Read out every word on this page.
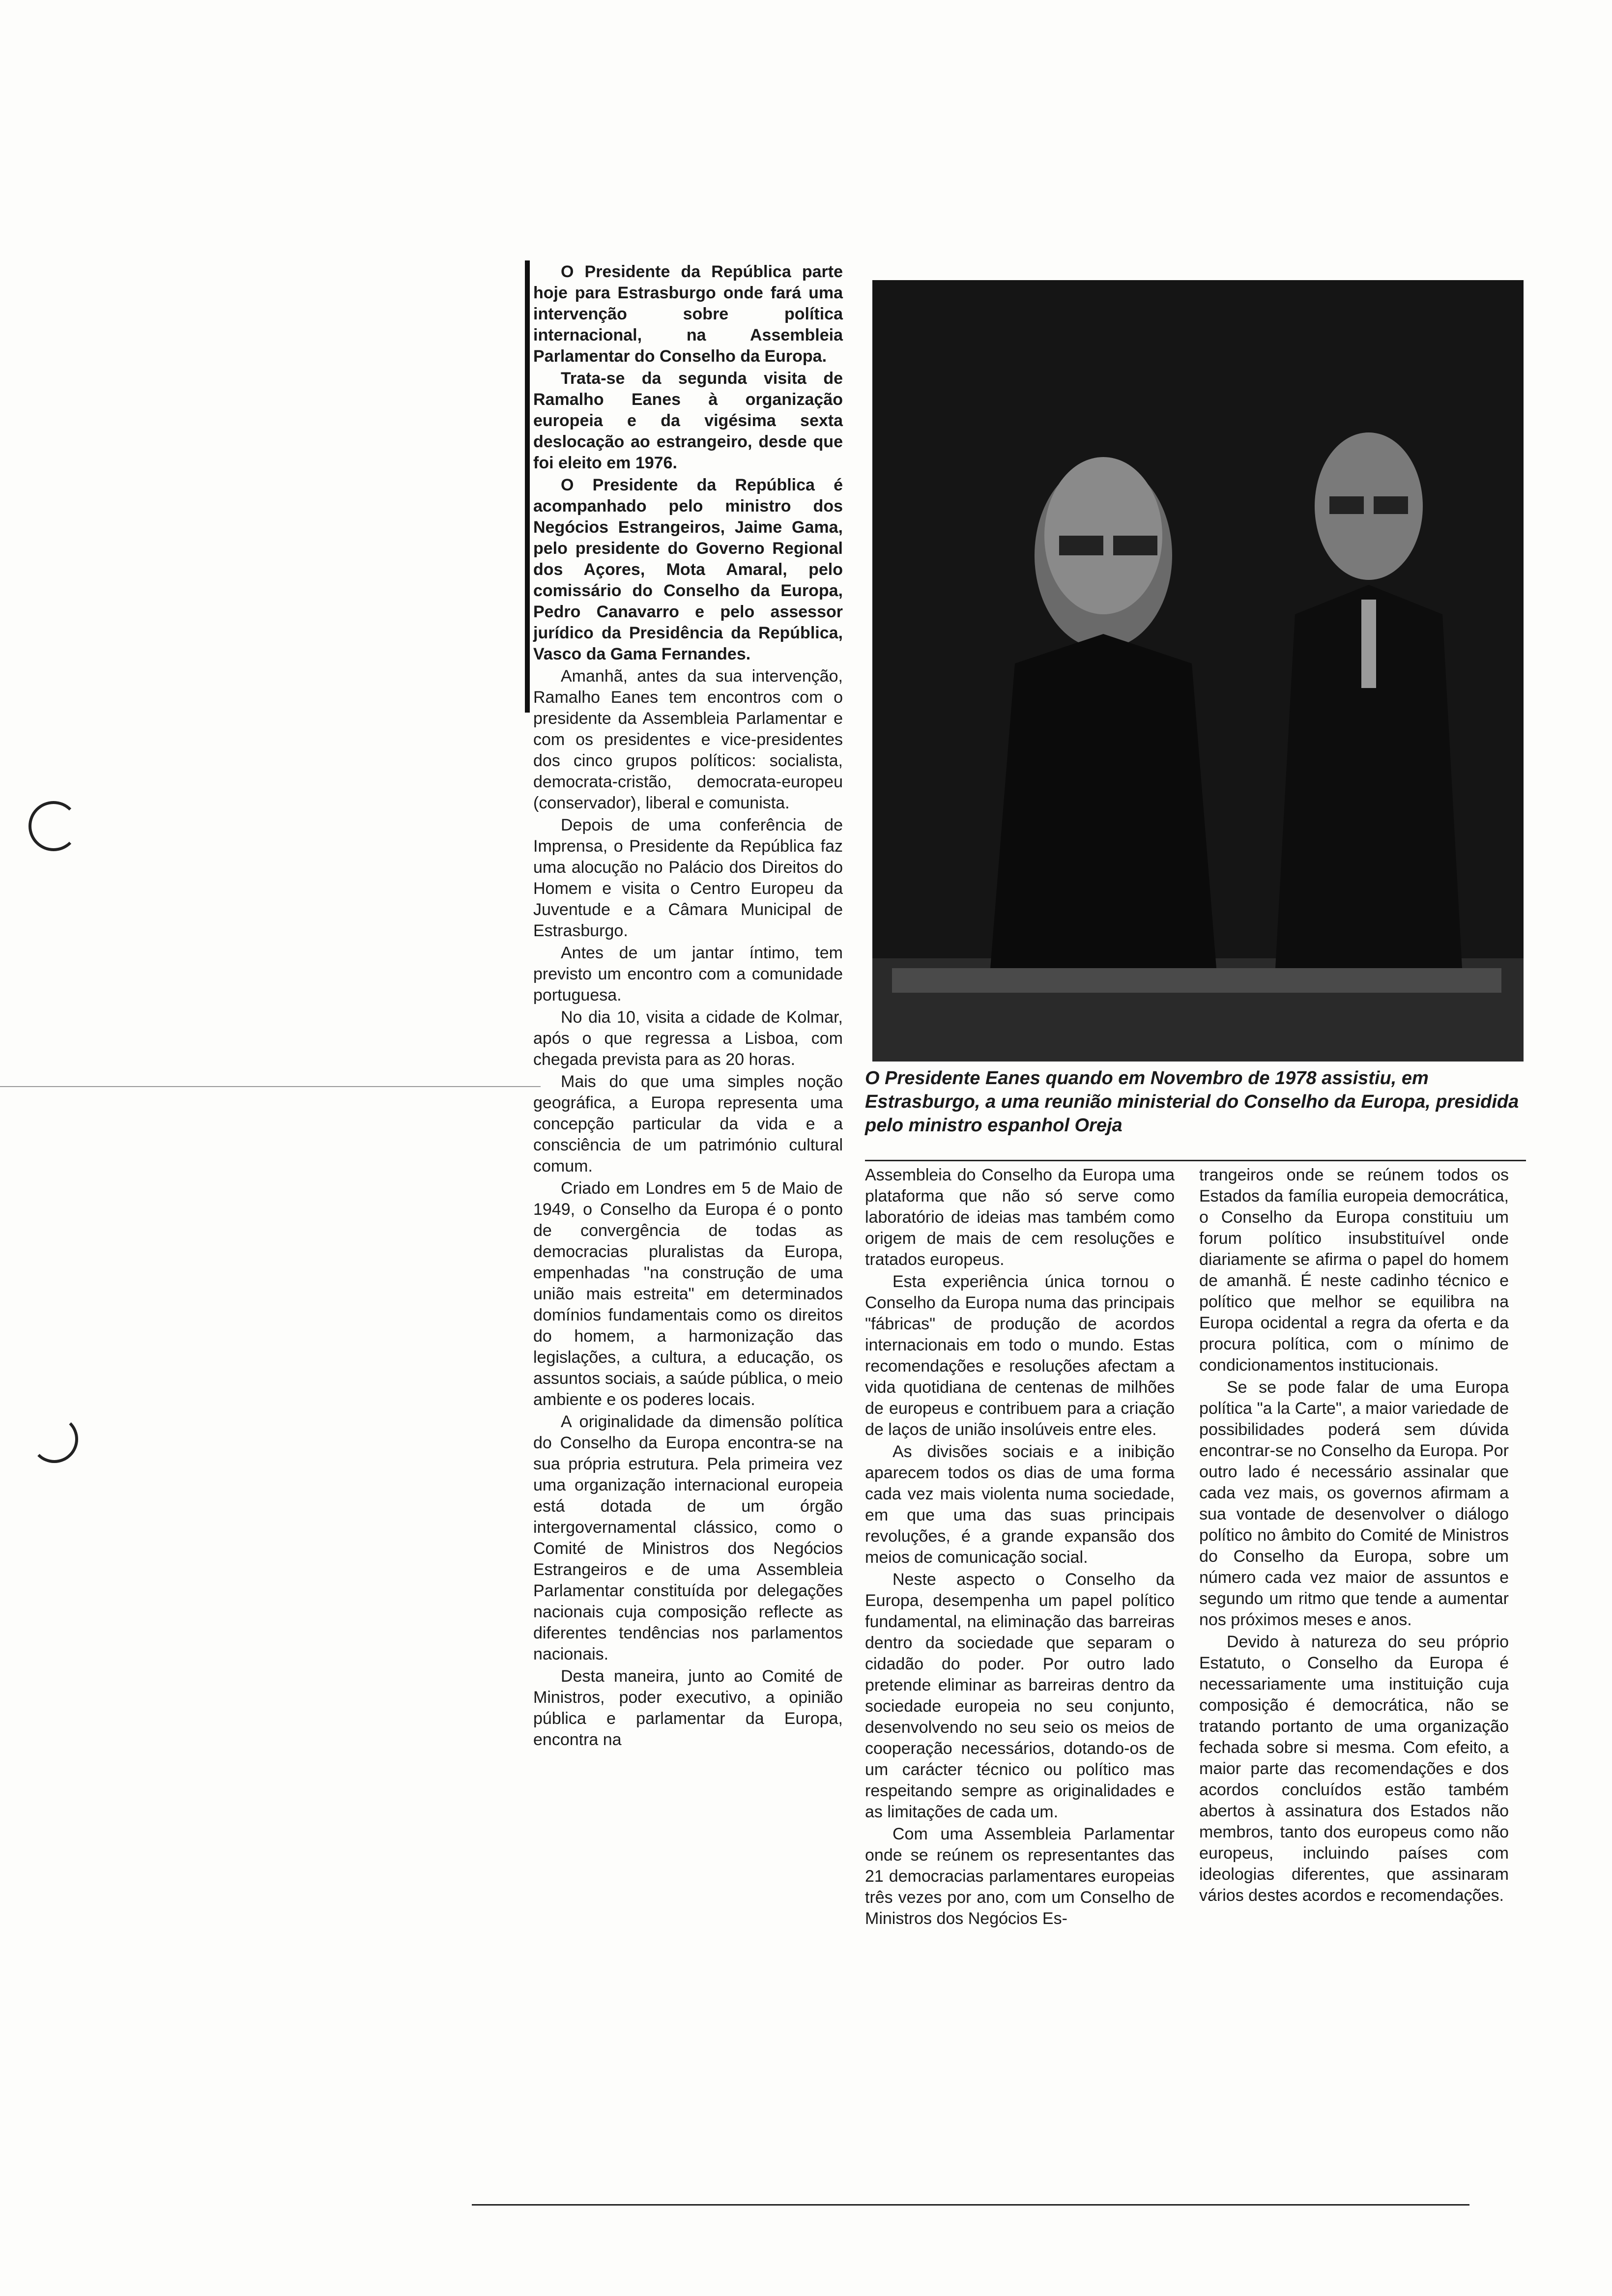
O Presidente da República parte hoje para Estrasburgo onde fará uma intervenção sobre política internacional, na Assembleia Parlamentar do Conselho da Europa.

Trata-se da segunda visita de Ramalho Eanes à organização europeia e da vigésima sexta deslocação ao estrangeiro, desde que foi eleito em 1976.

O Presidente da República é acompanhado pelo ministro dos Negócios Estrangeiros, Jaime Gama, pelo presidente do Governo Regional dos Açores, Mota Amaral, pelo comissário do Conselho da Europa, Pedro Canavarro e pelo assessor jurídico da Presidência da República, Vasco da Gama Fernandes.

Amanhã, antes da sua intervenção, Ramalho Eanes tem encontros com o presidente da Assembleia Parlamentar e com os presidentes e vice-presidentes dos cinco grupos políticos: socialista, democrata-cristão, democrata-europeu (conservador), liberal e comunista.

Depois de uma conferência de Imprensa, o Presidente da República faz uma alocução no Palácio dos Direitos do Homem e visita o Centro Europeu da Juventude e a Câmara Municipal de Estrasburgo.

Antes de um jantar íntimo, tem previsto um encontro com a comunidade portuguesa.

No dia 10, visita a cidade de Kolmar, após o que regressa a Lisboa, com chegada prevista para as 20 horas.

Mais do que uma simples noção geográfica, a Europa representa uma concepção particular da vida e a consciência de um património cultural comum.

Criado em Londres em 5 de Maio de 1949, o Conselho da Europa é o ponto de convergência de todas as democracias pluralistas da Europa, empenhadas "na construção de uma união mais estreita" em determinados domínios fundamentais como os direitos do homem, a harmonização das legislações, a cultura, a educação, os assuntos sociais, a saúde pública, o meio ambiente e os poderes locais.

A originalidade da dimensão política do Conselho da Europa encontra-se na sua própria estrutura. Pela primeira vez uma organização internacional europeia está dotada de um órgão intergovernamental clássico, como o Comité de Ministros dos Negócios Estrangeiros e de uma Assembleia Parlamentar constituída por delegações nacionais cuja composição reflecte as diferentes tendências nos parlamentos nacionais.

Desta maneira, junto ao Comité de Ministros, poder executivo, a opinião pública e parlamentar da Europa, encontra na

O Presidente Eanes quando em Novembro de 1978 assistiu, em Estrasburgo, a uma reunião ministerial do Conselho da Europa, presidida pelo ministro espanhol Oreja

Assembleia do Conselho da Europa uma plataforma que não só serve como laboratório de ideias mas também como origem de mais de cem resoluções e tratados europeus.

Esta experiência única tornou o Conselho da Europa numa das principais "fábricas" de produção de acordos internacionais em todo o mundo. Estas recomendações e resoluções afectam a vida quotidiana de centenas de milhões de europeus e contribuem para a criação de laços de união insolúveis entre eles.

As divisões sociais e a inibição aparecem todos os dias de uma forma cada vez mais violenta numa sociedade, em que uma das suas principais revoluções, é a grande expansão dos meios de comunicação social.

Neste aspecto o Conselho da Europa, desempenha um papel político fundamental, na eliminação das barreiras dentro da sociedade que separam o cidadão do poder. Por outro lado pretende eliminar as barreiras dentro da sociedade europeia no seu conjunto, desenvolvendo no seu seio os meios de cooperação necessários, dotando-os de um carácter técnico ou político mas respeitando sempre as originalidades e as limitações de cada um.

Com uma Assembleia Parlamentar onde se reúnem os representantes das 21 democracias parlamentares europeias três vezes por ano, com um Conselho de Ministros dos Negócios Es-

trangeiros onde se reúnem todos os Estados da família europeia democrática, o Conselho da Europa constituiu um forum político insubstituível onde diariamente se afirma o papel do homem de amanhã. É neste cadinho técnico e político que melhor se equilibra na Europa ocidental a regra da oferta e da procura política, com o mínimo de condicionamentos institucionais.

Se se pode falar de uma Europa política "a la Carte", a maior variedade de possibilidades poderá sem dúvida encontrar-se no Conselho da Europa. Por outro lado é necessário assinalar que cada vez mais, os governos afirmam a sua vontade de desenvolver o diálogo político no âmbito do Comité de Ministros do Conselho da Europa, sobre um número cada vez maior de assuntos e segundo um ritmo que tende a aumentar nos próximos meses e anos.

Devido à natureza do seu próprio Estatuto, o Conselho da Europa é necessariamente uma instituição cuja composição é democrática, não se tratando portanto de uma organização fechada sobre si mesma. Com efeito, a maior parte das recomendações e dos acordos concluídos estão também abertos à assinatura dos Estados não membros, tanto dos europeus como não europeus, incluindo países com ideologias diferentes, que assinaram vários destes acordos e recomendações.
